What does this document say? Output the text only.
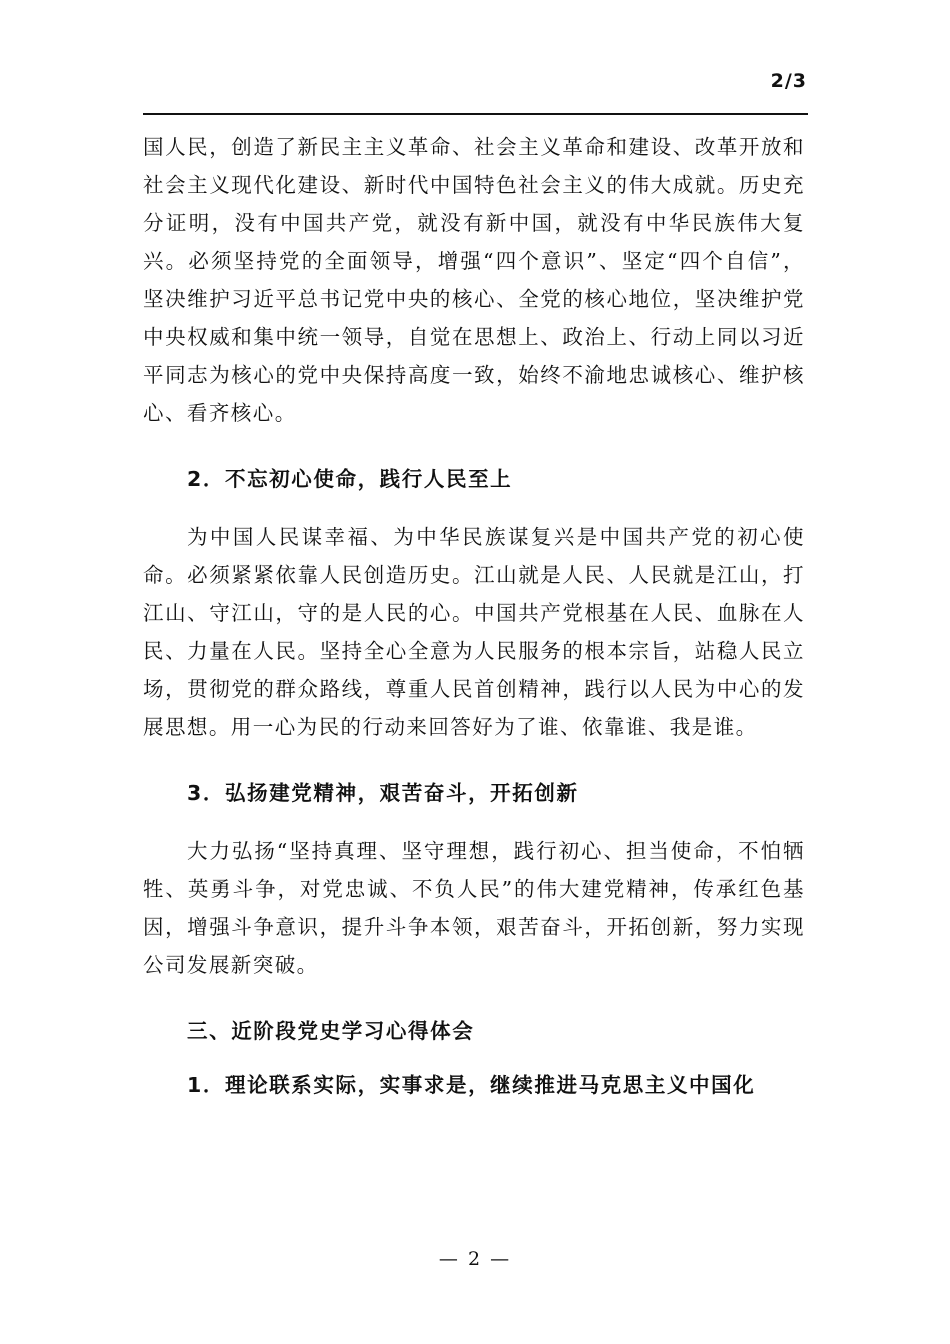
2/3

国人民，创造了新民主主义革命、社会主义革命和建设、改革开放和社会主义现代化建设、新时代中国特色社会主义的伟大成就。历史充分证明，没有中国共产党，就没有新中国，就没有中华民族伟大复兴。必须坚持党的全面领导，增强“四个意识”、坚定“四个自信”，坚决维护习近平总书记党中央的核心、全党的核心地位，坚决维护党中央权威和集中统一领导，自觉在思想上、政治上、行动上同以习近平同志为核心的党中央保持高度一致，始终不渝地忠诚核心、维护核心、看齐核心。

2．不忘初心使命，践行人民至上

为中国人民谋幸福、为中华民族谋复兴是中国共产党的初心使命。必须紧紧依靠人民创造历史。江山就是人民、人民就是江山，打江山、守江山，守的是人民的心。中国共产党根基在人民、血脉在人民、力量在人民。坚持全心全意为人民服务的根本宗旨，站稳人民立场，贯彻党的群众路线，尊重人民首创精神，践行以人民为中心的发展思想。用一心为民的行动来回答好为了谁、依靠谁、我是谁。

3．弘扬建党精神，艰苦奋斗，开拓创新

大力弘扬“坚持真理、坚守理想，践行初心、担当使命，不怕牺牲、英勇斗争，对党忠诚、不负人民”的伟大建党精神，传承红色基因，增强斗争意识，提升斗争本领，艰苦奋斗，开拓创新，努力实现公司发展新突破。

三、近阶段党史学习心得体会

1．理论联系实际，实事求是，继续推进马克思主义中国化

— 2 —
